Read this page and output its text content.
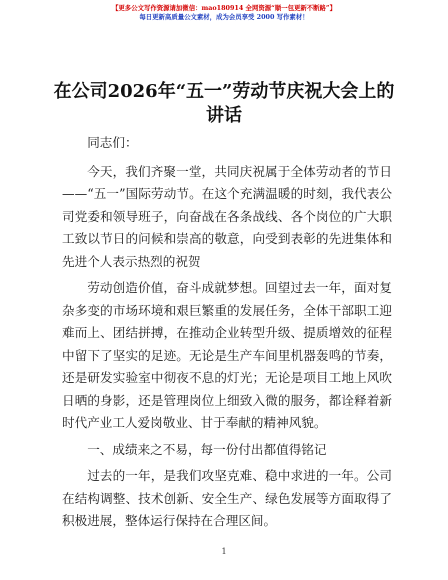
【更多公文写作资源请加微信：mao180914 全网资源“顺一包更新不断路”】
每日更新高质量公文素材，成为会员享受 2000 写作素材！
在公司2026年“五一”劳动节庆祝大会上的讲话

同志们：

今天，我们齐聚一堂，共同庆祝属于全体劳动者的节日——“五一”国际劳动节。在这个充满温暖的时刻，我代表公司党委和领导班子，向奋战在各条战线、各个岗位的广大职工致以节日的问候和崇高的敬意，向受到表彰的先进集体和先进个人表示热烈的祝贺

劳动创造价值，奋斗成就梦想。回望过去一年，面对复杂多变的市场环境和艰巨繁重的发展任务，全体干部职工迎难而上、团结拼搏，在推动企业转型升级、提质增效的征程中留下了坚实的足迹。无论是生产车间里机器轰鸣的节奏，还是研发实验室中彻夜不息的灯光；无论是项目工地上风吹日晒的身影，还是管理岗位上细致入微的服务，都诠释着新时代产业工人爱岗敬业、甘于奉献的精神风貌。

一、成绩来之不易，每一份付出都值得铭记

过去的一年，是我们攻坚克难、稳中求进的一年。公司在结构调整、技术创新、安全生产、绿色发展等方面取得了积极进展，整体运行保持在合理区间。

1
